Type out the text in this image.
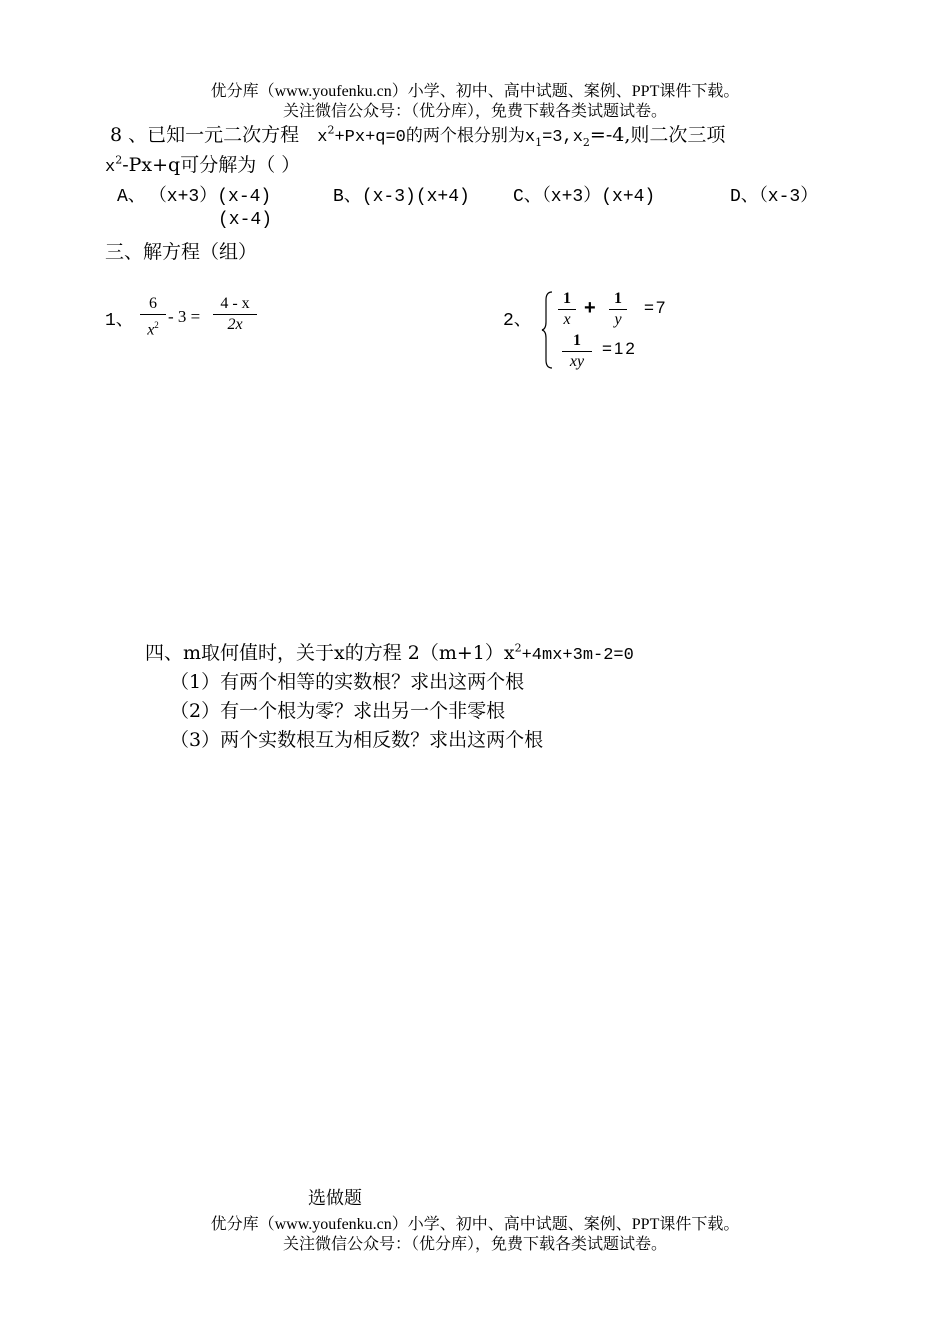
优分库（www.youfenku.cn）小学、初中、高中试题、案例、PPT课件下载。
关注微信公众号：（优分库），免费下载各类试题试卷。
8 、已知一元二次方程 $x^2+Px+q=0$的两个根分别为$x_1=3,x_2=-4$,则二次三项
$x^2-Px+q$可分解为（ ）
A、 （x+3）(x-4)	B、(x-3)(x+4) C、（x+3）(x+4)	D、（x-3）
(x-4)
三、解方程（组）
1、
6
$x^2 - 3$ =
4 - x
2x	2、
1
x
+	1
y
=7
1
xy
=12
四、m取何值时，关于x的方程 $2(m+1)x^2+4mx+3m-2=0$
（1）有两个相等的实数根？求出这两个根
（2）有一个根为零？求出另一个非零根
（3）两个实数根互为相反数？求出这两个根
选做题
优分库（www.youfenku.cn）小学、初中、高中试题、案例、PPT课件下载。
关注微信公众号：（优分库），免费下载各类试题试卷。
